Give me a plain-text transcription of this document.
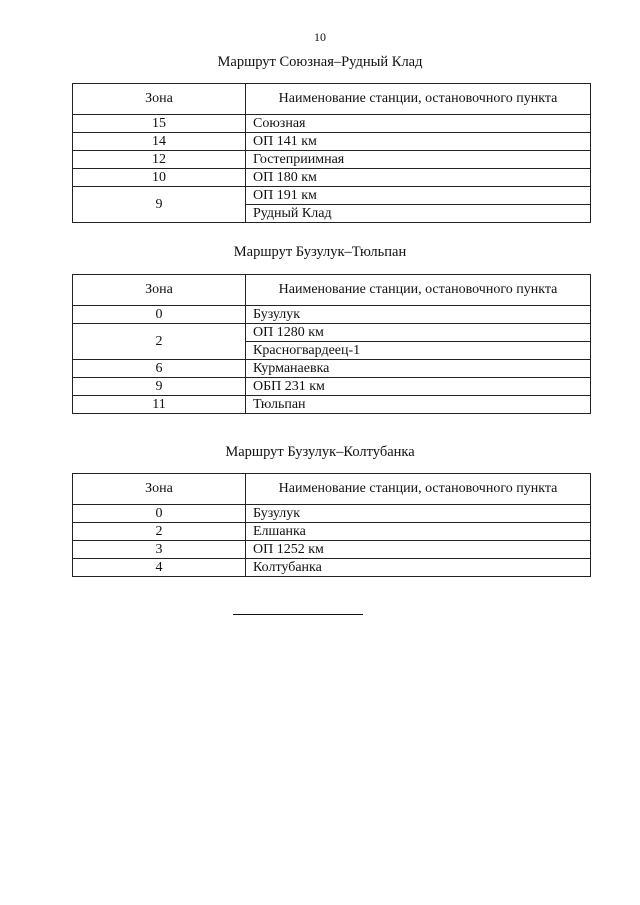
10
Маршрут Союзная–Рудный Клад
Зона	Наименование станции, остановочного пункта
15	Союзная
14	ОП 141 км
12	Гостеприимная
10	ОП 180 км
9	ОП 191 км
	Рудный Клад
Маршрут Бузулук–Тюльпан
Зона	Наименование станции, остановочного пункта
0	Бузулук
2	ОП 1280 км
	Красногвардеец-1
6	Курманаевка
9	ОБП 231 км
11	Тюльпан
Маршрут Бузулук–Колтубанка
Зона	Наименование станции, остановочного пункта
0	Бузулук
2	Елшанка
3	ОП 1252 км
4	Колтубанка
